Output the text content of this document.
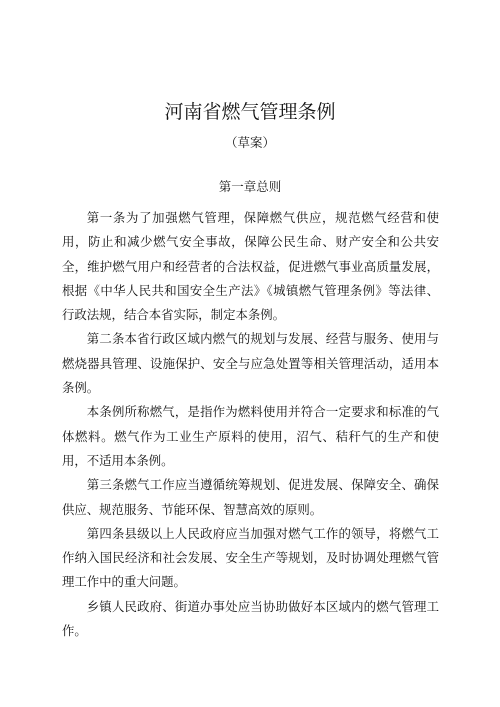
河南省燃气管理条例
（草案）
第一章总则

第一条为了加强燃气管理，保障燃气供应，规范燃气经营和使用，防止和减少燃气安全事故，保障公民生命、财产安全和公共安全，维护燃气用户和经营者的合法权益，促进燃气事业高质量发展，根据《中华人民共和国安全生产法》《城镇燃气管理条例》等法律、行政法规，结合本省实际，制定本条例。

第二条本省行政区域内燃气的规划与发展、经营与服务、使用与燃烧器具管理、设施保护、安全与应急处置等相关管理活动，适用本条例。

本条例所称燃气，是指作为燃料使用并符合一定要求和标准的气体燃料。燃气作为工业生产原料的使用，沼气、秸秆气的生产和使用，不适用本条例。

第三条燃气工作应当遵循统筹规划、促进发展、保障安全、确保供应、规范服务、节能环保、智慧高效的原则。

第四条县级以上人民政府应当加强对燃气工作的领导，将燃气工作纳入国民经济和社会发展、安全生产等规划，及时协调处理燃气管理工作中的重大问题。

乡镇人民政府、街道办事处应当协助做好本区域内的燃气管理工作。
